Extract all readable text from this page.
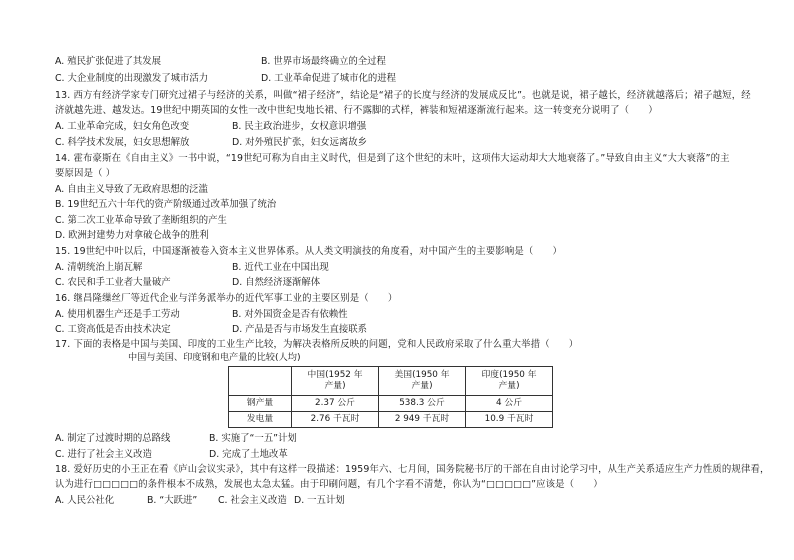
A. 殖民扩张促进了其发展	B. 世界市场最终确立的全过程
C. 大企业制度的出现激发了城市活力	D. 工业革命促进了城市化的进程
13. 西方有经济学家专门研究过裙子与经济的关系，叫做“裙子经济”，结论是“裙子的长度与经济的发展成反比”。也就是说，裙子越长，经济就越落后；裙子越短，经
济就越先进、越发达。19世纪中期英国的女性一改中世纪曳地长裙、行不露脚的式样，裤装和短裙逐渐流行起来。这一转变充分说明了（　　）
A. 工业革命完成，妇女角色改变	B. 民主政治进步，女权意识增强
C. 科学技术发展，妇女思想解放	D. 对外殖民扩张，妇女远离故乡
14. 霍布豪斯在《自由主义》一书中说，“19世纪可称为自由主义时代，但是到了这个世纪的末叶，这项伟大运动却大大地衰落了。”导致自由主义“大大衰落”的主
要原因是（ ）
A. 自由主义导致了无政府思想的泛滥
B. 19世纪五六十年代的资产阶级通过改革加强了统治
C. 第二次工业革命导致了垄断组织的产生
D. 欧洲封建势力对拿破仑战争的胜利
15. 19世纪中叶以后，中国逐渐被卷入资本主义世界体系。从人类文明演技的角度看，对中国产生的主要影响是（　　）
A. 清朝统治上崩瓦解	B. 近代工业在中国出现
C. 农民和手工业者大量破产	D. 自然经济逐渐解体
16. 继昌隆缫丝厂等近代企业与洋务派举办的近代军事工业的主要区别是（　　）
A. 使用机器生产还是手工劳动	B. 对外国资金是否有依赖性
C. 工资高低是否由技术决定	D. 产品是否与市场发生直接联系
17. 下面的表格是中国与美国、印度的工业生产比较，为解决表格所反映的问题，党和人民政府采取了什么重大举措（　　）
中国与美国、印度钢和电产量的比较(人均)
	中国(1952 年
产量)	美国(1950 年
产量)	印度(1950 年
产量)
钢产量	2.37 公斤	538.3 公斤	4 公斤
发电量	2.76 千瓦时	2 949 千瓦时	10.9 千瓦时
A. 制定了过渡时期的总路线	B. 实施了“一五”计划
C. 进行了社会主义改造	D. 完成了土地改革
18. 爱好历史的小王正在看《庐山会议实录》，其中有这样一段描述：1959年六、七月间，国务院秘书厅的干部在自由讨论学习中，从生产关系适应生产力性质的规律看，
认为进行□□□□□的条件根本不成熟，发展也太急太猛。由于印刷问题，有几个字看不清楚，你认为“□□□□□”应该是（　　）
A. 人民公社化	B. “大跃进” C. 社会主义改造 D. 一五计划
